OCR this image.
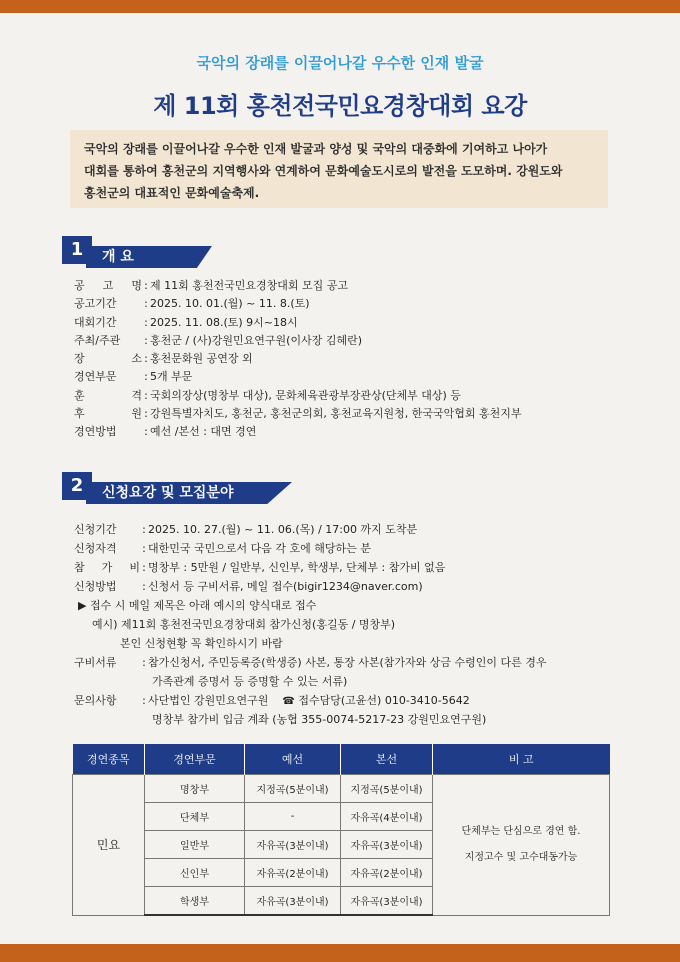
국악의 장래를 이끌어나갈 우수한 인재 발굴
제 11회 홍천전국민요경창대회 요강
국악의 장래를 이끌어나갈 우수한 인재 발굴과 양성 및 국악의 대중화에 기여하고 나아가
대회를 통하여 홍천군의 지역행사와 연계하여 문화예술도시로의 발전을 도모하며. 강원도와
홍천군의 대표적인 문화예술축제.
1	개 요
공 고 명 : 제 11회 홍천전국민요경창대회 모집 공고
공고기간	: 2025. 10. 01.(월) ~ 11. 8.(토)
대회기간	: 2025. 11. 08.(토) 9시~18시
주최/주관 : 홍천군 / (사)강원민요연구원(이사장 김혜란)
장 소 : 홍천문화원 공연장 외
경연부문	: 5개 부문
훈 격 : 국회의장상(명창부 대상), 문화체육관광부장관상(단체부 대상) 등
후 원 : 강원특별자치도, 홍천군, 홍천군의회, 홍천교육지원청, 한국국악협회 홍천지부
경연방법	: 예선 /본선 : 대면 경연
2	신청요강 및 모집분야
신청기간 : 2025. 10. 27.(월) ~ 11. 06.(목) / 17:00 까지 도착분
신청자격 : 대한민국 국민으로서 다음 각 호에 해당하는 분
참 가 비 : 명창부 : 5만원 / 일반부, 신인부, 학생부, 단체부 : 참가비 없음
신청방법 : 신청서 등 구비서류, 메일 접수(bigir1234@naver.com)
▶ 접수 시 메일 제목은 아래 예시의 양식대로 접수
예시) 제11회 홍천전국민요경창대회 참가신청(홍길동 / 명창부)
본인 신청현황 꼭 확인하시기 바람
구비서류 : 참가신청서, 주민등록증(학생증) 사본, 통장 사본(참가자와 상금 수령인이 다른 경우
가족관계 증명서 등 증명할 수 있는 서류)
문의사항 : 사단법인 강원민요연구원 ☎ 접수담당(고윤선) 010-3410-5642
명창부 참가비 입금 계좌 (농협 355-0074-5217-23 강원민요연구원)
경연종목	경연부문	예선	본선	비 고
민요	명창부	지정곡(5분이내)	지정곡(5분이내)	단체부는 단심으로 경연 함.
지정고수 및 고수대동가능

	단체부	-	자유곡(4분이내)	
	일반부	자유곡(3분이내)	자유곡(3분이내)	
	신인부	자유곡(2분이내)	자유곡(2분이내)	
	학생부	자유곡(3분이내)	자유곡(3분이내)	
